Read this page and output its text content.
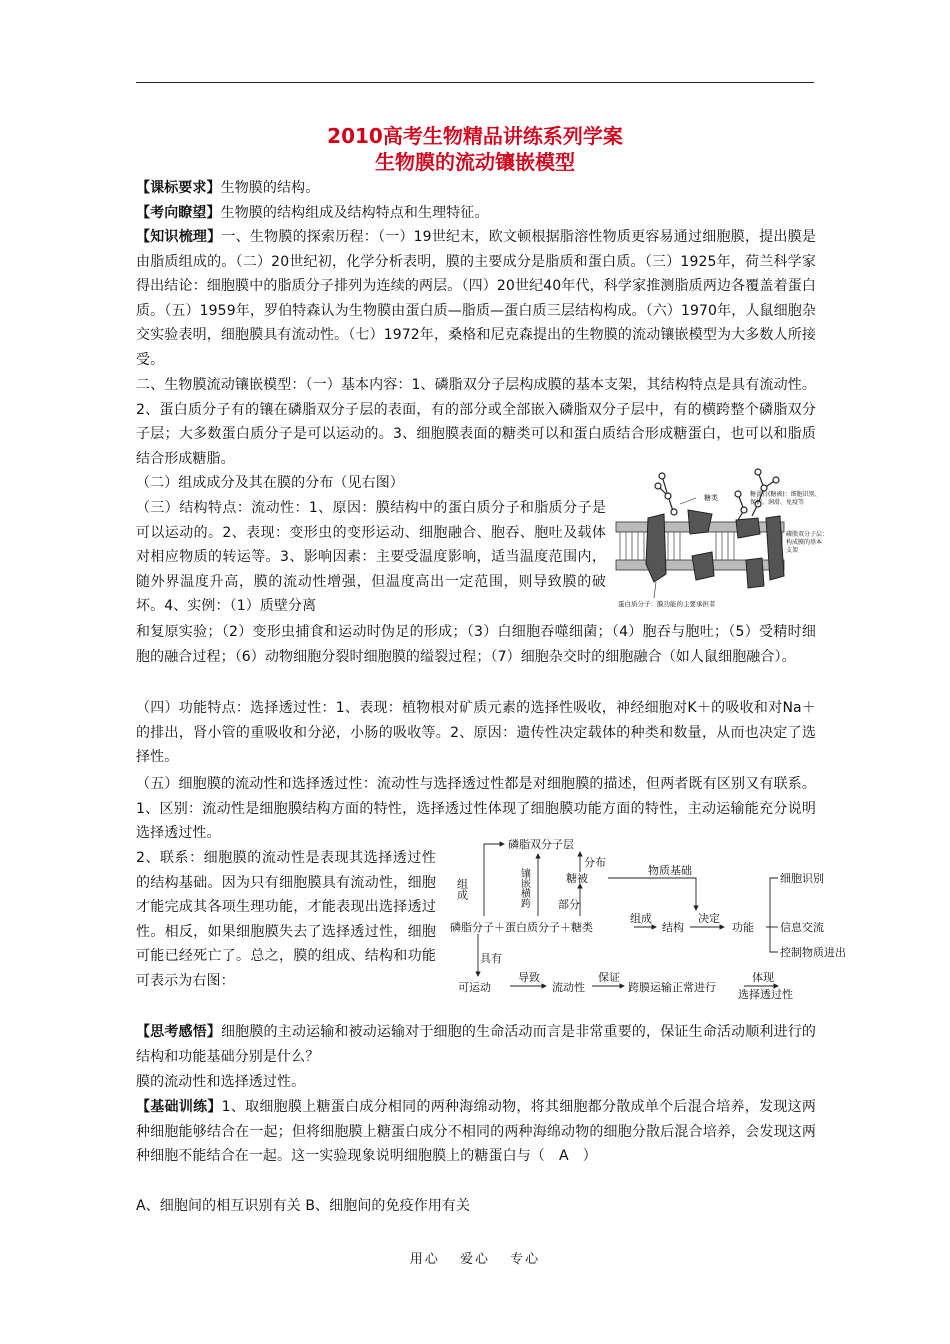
2010高考生物精品讲练系列学案
生物膜的流动镶嵌模型

【课标要求】生物膜的结构。

【考向瞭望】生物膜的结构组成及结构特点和生理特征。

【知识梳理】一、生物膜的探索历程：（一）19世纪末，欧文顿根据脂溶性物质更容易通过细胞膜，提出膜是由脂质组成的。（二）20世纪初，化学分析表明，膜的主要成分是脂质和蛋白质。（三）1925年，荷兰科学家得出结论：细胞膜中的脂质分子排列为连续的两层。（四）20世纪40年代，科学家推测脂质两边各覆盖着蛋白质。（五）1959年，罗伯特森认为生物膜由蛋白质—脂质—蛋白质三层结构构成。（六）1970年，人鼠细胞杂交实验表明，细胞膜具有流动性。（七）1972年，桑格和尼克森提出的生物膜的流动镶嵌模型为大多数人所接受。

二、生物膜流动镶嵌模型：（一）基本内容：1、磷脂双分子层构成膜的基本支架，其结构特点是具有流动性。2、蛋白质分子有的镶在磷脂双分子层的表面，有的部分或全部嵌入磷脂双分子层中，有的横跨整个磷脂双分子层；大多数蛋白质分子是可以运动的。3、细胞膜表面的糖类可以和蛋白质结合形成糖蛋白，也可以和脂质结合形成糖脂。

（二）组成成分及其在膜的分布（见右图）

（三）结构特点：流动性：1、原因：膜结构中的蛋白质分子和脂质分子是可以运动的。2、表现：变形虫的变形运动、细胞融合、胞吞、胞吐及载体对相应物质的转运等。3、影响因素：主要受温度影响，适当温度范围内，随外界温度升高，膜的流动性增强，但温度高出一定范围，则导致膜的破坏。4、实例：（1）质壁分离

和复原实验；（2）变形虫捕食和运动时伪足的形成；（3）白细胞吞噬细菌；（4）胞吞与胞吐；（5）受精时细胞的融合过程；（6）动物细胞分裂时细胞膜的缢裂过程；（7）细胞杂交时的细胞融合（如人鼠细胞融合）。

（四）功能特点：选择透过性：1、表现：植物根对矿质元素的选择性吸收，神经细胞对K＋的吸收和对Na＋的排出，肾小管的重吸收和分泌，小肠的吸收等。2、原因：遗传性决定载体的种类和数量，从而也决定了选择性。

（五）细胞膜的流动性和选择透过性：流动性与选择透过性都是对细胞膜的描述，但两者既有区别又有联系。1、区别：流动性是细胞膜结构方面的特性，选择透过性体现了细胞膜功能方面的特性，主动运输能充分说明选择透过性。

2、联系：细胞膜的流动性是表现其选择透过性的结构基础。因为只有细胞膜具有流动性，细胞才能完成其各项生理功能，才能表现出选择透过性。相反，如果细胞膜失去了选择透过性，细胞可能已经死亡了。总之，膜的组成、结构和功能可表示为右图：

【思考感悟】细胞膜的主动运输和被动运输对于细胞的生命活动而言是非常重要的，保证生命活动顺利进行的结构和功能基础分别是什么？

膜的流动性和选择透过性。

【基础训练】1、取细胞膜上糖蛋白成分相同的两种海绵动物，将其细胞都分散成单个后混合培养，发现这两种细胞能够结合在一起；但将细胞膜上糖蛋白成分不相同的两种海绵动物的细胞分散后混合培养，会发现这两种细胞不能结合在一起。这一实验现象说明细胞膜上的糖蛋白与（　A　）

A、细胞间的相互识别有关 B、细胞间的免疫作用有关

糖类	糖蛋白(糖被)：细胞识别、
保护、润滑、免疫等
磷脂双分子层：
构成膜的基本
支架
蛋白质分子：膜功能的主要承担者
磷脂双分子层
组成	镶嵌横跨
分布
糖被
物质基础
部分
磷脂分子＋蛋白质分子＋糖类
组成
结构
决定
功能
细胞识别
信息交流
控制物质进出
具有
可运动
导致
流动性
保证
跨膜运输正常进行
体现
选择透过性
用心 爱心 专心
